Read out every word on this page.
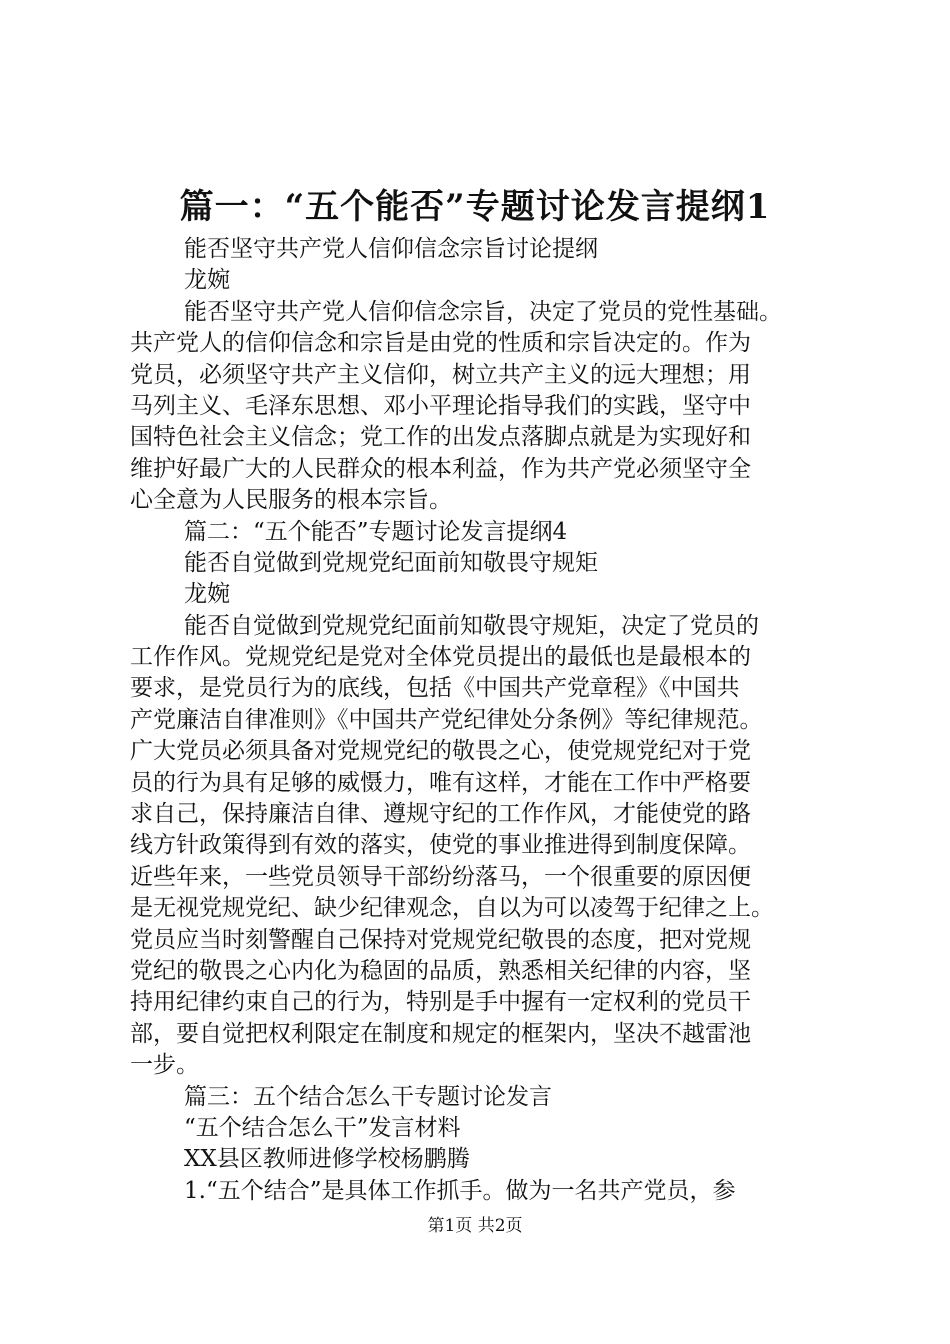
篇一：“五个能否”专题讨论发言提纲1
能否坚守共产党人信仰信念宗旨讨论提纲
龙婉
能否坚守共产党人信仰信念宗旨，决定了党员的党性基础。
共产党人的信仰信念和宗旨是由党的性质和宗旨决定的。作为
党员，必须坚守共产主义信仰，树立共产主义的远大理想；用
马列主义、毛泽东思想、邓小平理论指导我们的实践，坚守中
国特色社会主义信念；党工作的出发点落脚点就是为实现好和
维护好最广大的人民群众的根本利益，作为共产党必须坚守全
心全意为人民服务的根本宗旨。
篇二：“五个能否”专题讨论发言提纲4
能否自觉做到党规党纪面前知敬畏守规矩
龙婉
能否自觉做到党规党纪面前知敬畏守规矩，决定了党员的
工作作风。党规党纪是党对全体党员提出的最低也是最根本的
要求，是党员行为的底线，包括《中国共产党章程》《中国共
产党廉洁自律准则》《中国共产党纪律处分条例》等纪律规范。
广大党员必须具备对党规党纪的敬畏之心，使党规党纪对于党
员的行为具有足够的威慑力，唯有这样，才能在工作中严格要
求自己，保持廉洁自律、遵规守纪的工作作风，才能使党的路
线方针政策得到有效的落实，使党的事业推进得到制度保障。
近些年来，一些党员领导干部纷纷落马，一个很重要的原因便
是无视党规党纪、缺少纪律观念，自以为可以凌驾于纪律之上。
党员应当时刻警醒自己保持对党规党纪敬畏的态度，把对党规
党纪的敬畏之心内化为稳固的品质，熟悉相关纪律的内容，坚
持用纪律约束自己的行为，特别是手中握有一定权利的党员干
部，要自觉把权利限定在制度和规定的框架内，坚决不越雷池
一步。
篇三：五个结合怎么干专题讨论发言
“五个结合怎么干”发言材料
XX县区教师进修学校杨鹏腾
1.“五个结合”是具体工作抓手。做为一名共产党员，参
第1页 共2页
